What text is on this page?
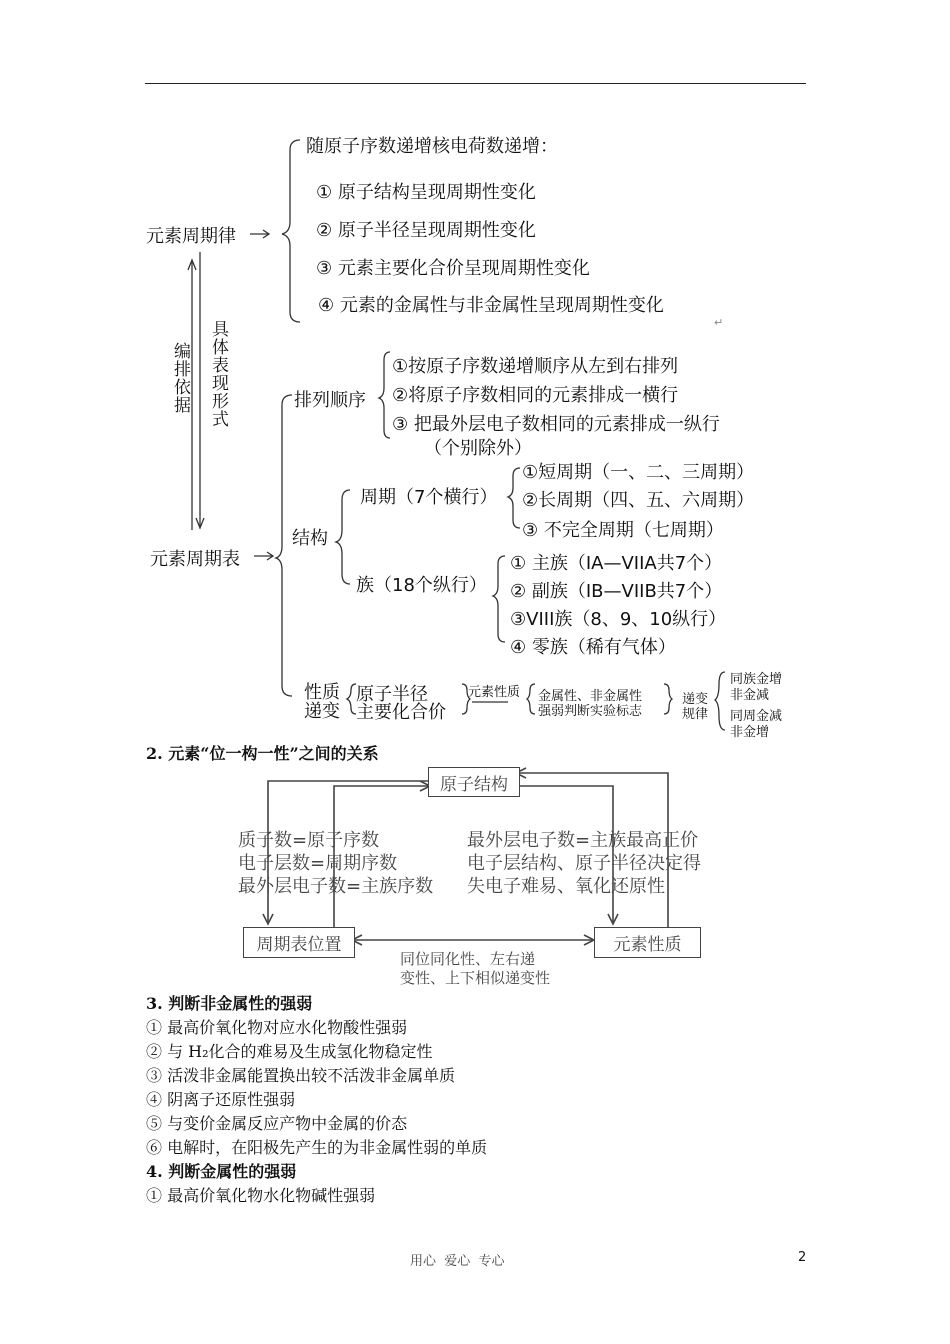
↵
元素周期律
随原子序数递增核电荷数递增：
① 原子结构呈现周期性变化
② 原子半径呈现周期性变化
③ 元素主要化合价呈现周期性变化
④ 元素的金属性与非金属性呈现周期性变化
编排依据 具体表现形式
元素周期表
排列顺序
①按原子序数递增顺序从左到右排列
②将原子序数相同的元素排成一横行
③ 把最外层电子数相同的元素排成一纵行
（个别除外）
结构
周期（7个横行）
①短周期（一、二、三周期）
②长周期（四、五、六周期）
③ 不完全周期（七周期）
族（18个纵行）
① 主族（IA—VIIA共7个）
② 副族（IB—VIIB共7个）
③VIII族（8、9、10纵行）
④ 零族（稀有气体）
性质
递变
原子半径
主要化合价
元素性质 金属性、非金属性
强弱判断实验标志
递变
规律
同族金增
非金减
同周金减
非金增
2. 元素“位一构一性”之间的关系
原子结构
周期表位置	元素性质
质子数=原子序数
电子层数=周期序数
最外层电子数=主族序数
最外层电子数=主族最高正价
电子层结构、原子半径决定得
失电子难易、氧化还原性
同位同化性、左右递
变性、上下相似递变性
3. 判断非金属性的强弱
① 最高价氧化物对应水化物酸性强弱
② 与 H₂化合的难易及生成氢化物稳定性
③ 活泼非金属能置换出较不活泼非金属单质
④ 阴离子还原性强弱
⑤ 与变价金属反应产物中金属的价态
⑥ 电解时，在阳极先产生的为非金属性弱的单质
4. 判断金属性的强弱
① 最高价氧化物水化物碱性强弱
用心  爱心  专心	2
